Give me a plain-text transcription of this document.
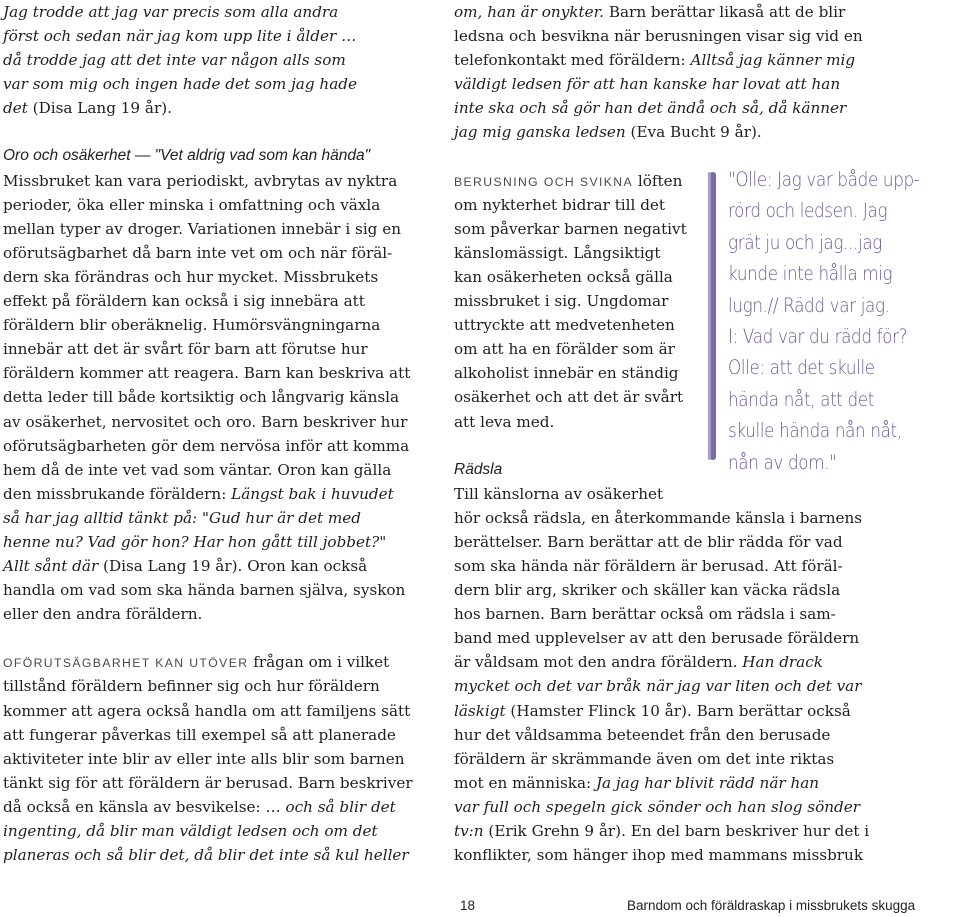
Jag trodde att jag var precis som alla andra
först och sedan när jag kom upp lite i ålder …
då trodde jag att det inte var någon alls som
var som mig och ingen hade det som jag hade
det (Disa Lang 19 år).
Oro och osäkerhet — "Vet aldrig vad som kan hända"
Missbruket kan vara periodiskt, avbrytas av nyktra
perioder, öka eller minska i omfattning och växla
mellan typer av droger. Variationen innebär i sig en
oförutsägbarhet då barn inte vet om och när föräl-
dern ska förändras och hur mycket. Missbrukets
effekt på föräldern kan också i sig innebära att
föräldern blir oberäknelig. Humörsvängningarna
innebär att det är svårt för barn att förutse hur
föräldern kommer att reagera. Barn kan beskriva att
detta leder till både kortsiktig och långvarig känsla
av osäkerhet, nervositet och oro. Barn beskriver hur
oförutsägbarheten gör dem nervösa inför att komma
hem då de inte vet vad som väntar. Oron kan gälla
den missbrukande föräldern: Längst bak i huvudet
så har jag alltid tänkt på: "Gud hur är det med
henne nu? Vad gör hon? Har hon gått till jobbet?"
Allt sånt där (Disa Lang 19 år). Oron kan också
handla om vad som ska hända barnen själva, syskon
eller den andra föräldern.
OFÖRUTSÄGBARHET KAN UTÖVER frågan om i vilket
tillstånd föräldern befinner sig och hur föräldern
kommer att agera också handla om att familjens sätt
att fungerar påverkas till exempel så att planerade
aktiviteter inte blir av eller inte alls blir som barnen
tänkt sig för att föräldern är berusad. Barn beskriver
då också en känsla av besvikelse: … och så blir det
ingenting, då blir man väldigt ledsen och om det
planeras och så blir det, då blir det inte så kul heller
om, han är onykter. Barn berättar likaså att de blir
ledsna och besvikna när berusningen visar sig vid en
telefonkontakt med föräldern: Alltså jag känner mig
väldigt ledsen för att han kanske har lovat att han
inte ska och så gör han det ändå och så, då känner
jag mig ganska ledsen (Eva Bucht 9 år).
BERUSNING OCH SVIKNA löften
om nykterhet bidrar till det
som påverkar barnen negativt
känslomässigt. Långsiktigt
kan osäkerheten också gälla
missbruket i sig. Ungdomar
uttryckte att medvetenheten
om att ha en förälder som är
alkoholist innebär en ständig
osäkerhet och att det är svårt
att leva med.
Rädsla
Till känslorna av osäkerhet
hör också rädsla, en återkommande känsla i barnens
berättelser. Barn berättar att de blir rädda för vad
som ska hända när föräldern är berusad. Att föräl-
dern blir arg, skriker och skäller kan väcka rädsla
hos barnen. Barn berättar också om rädsla i sam-
band med upplevelser av att den berusade föräldern
är våldsam mot den andra föräldern. Han drack
mycket och det var bråk när jag var liten och det var
läskigt (Hamster Flinck 10 år). Barn berättar också
hur det våldsamma beteendet från den berusade
föräldern är skrämmande även om det inte riktas
mot en människa: Ja jag har blivit rädd när han
var full och spegeln gick sönder och han slog sönder
tv:n (Erik Grehn 9 år). En del barn beskriver hur det i
konflikter, som hänger ihop med mammans missbruk
"Olle: Jag var både upp-
rörd och ledsen. Jag
grät ju och jag...jag
kunde inte hålla mig
lugn.// Rädd var jag.
I: Vad var du rädd för?
Olle: att det skulle
hända nåt, att det
skulle hända nån nåt,
nån av dom."
18	Barndom och föräldraskap i missbrukets skugga
